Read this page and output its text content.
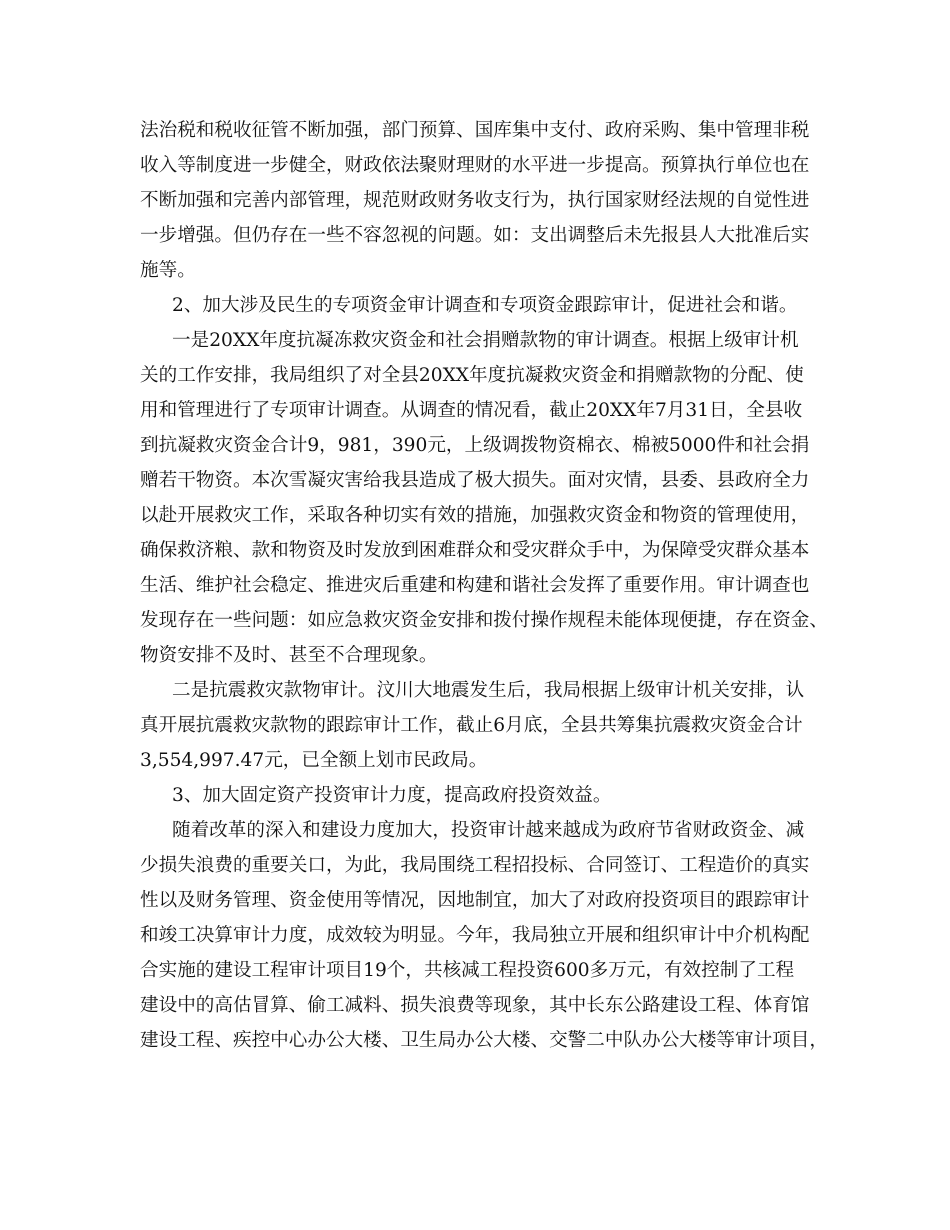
法治税和税收征管不断加强，部门预算、国库集中支付、政府采购、集中管理非税
收入等制度进一步健全，财政依法聚财理财的水平进一步提高。预算执行单位也在
不断加强和完善内部管理，规范财政财务收支行为，执行国家财经法规的自觉性进
一步增强。但仍存在一些不容忽视的问题。如：支出调整后未先报县人大批准后实
施等。
2、加大涉及民生的专项资金审计调查和专项资金跟踪审计，促进社会和谐。
一是20XX年度抗凝冻救灾资金和社会捐赠款物的审计调查。根据上级审计机
关的工作安排，我局组织了对全县20XX年度抗凝救灾资金和捐赠款物的分配、使
用和管理进行了专项审计调查。从调查的情况看，截止20XX年7月31日，全县收
到抗凝救灾资金合计9，981，390元，上级调拨物资棉衣、棉被5000件和社会捐
赠若干物资。本次雪凝灾害给我县造成了极大损失。面对灾情，县委、县政府全力
以赴开展救灾工作，采取各种切实有效的措施，加强救灾资金和物资的管理使用，
确保救济粮、款和物资及时发放到困难群众和受灾群众手中，为保障受灾群众基本
生活、维护社会稳定、推进灾后重建和构建和谐社会发挥了重要作用。审计调查也
发现存在一些问题：如应急救灾资金安排和拨付操作规程未能体现便捷，存在资金、
物资安排不及时、甚至不合理现象。
二是抗震救灾款物审计。汶川大地震发生后，我局根据上级审计机关安排，认
真开展抗震救灾款物的跟踪审计工作，截止6月底，全县共筹集抗震救灾资金合计
3,554,997.47元，已全额上划市民政局。
3、加大固定资产投资审计力度，提高政府投资效益。
随着改革的深入和建设力度加大，投资审计越来越成为政府节省财政资金、减
少损失浪费的重要关口，为此，我局围绕工程招投标、合同签订、工程造价的真实
性以及财务管理、资金使用等情况，因地制宜，加大了对政府投资项目的跟踪审计
和竣工决算审计力度，成效较为明显。今年，我局独立开展和组织审计中介机构配
合实施的建设工程审计项目19个，共核减工程投资600多万元，有效控制了工程
建设中的高估冒算、偷工减料、损失浪费等现象，其中长东公路建设工程、体育馆
建设工程、疾控中心办公大楼、卫生局办公大楼、交警二中队办公大楼等审计项目，
